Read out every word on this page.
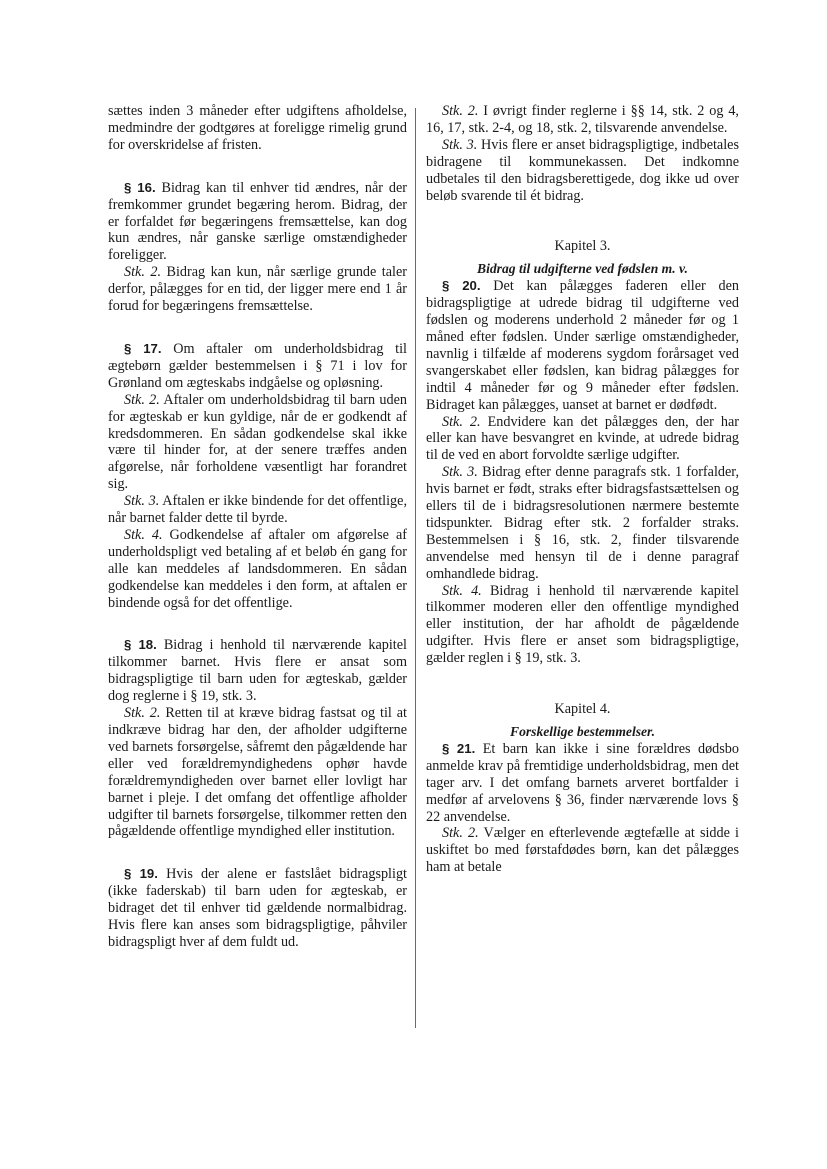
sættes inden 3 måneder efter udgiftens afholdelse, medmindre der godtgøres at foreligge rimelig grund for overskridelse af fristen.

§ 16. Bidrag kan til enhver tid ændres, når der fremkommer grundet begæring herom. Bidrag, der er forfaldet før begæringens fremsættelse, kan dog kun ændres, når ganske særlige omstændigheder foreligger.

Stk. 2. Bidrag kan kun, når særlige grunde taler derfor, pålægges for en tid, der ligger mere end 1 år forud for begæringens fremsættelse.

§ 17. Om aftaler om underholdsbidrag til ægtebørn gælder bestemmelsen i § 71 i lov for Grønland om ægteskabs indgåelse og opløsning.

Stk. 2. Aftaler om underholdsbidrag til barn uden for ægteskab er kun gyldige, når de er godkendt af kredsdommeren. En sådan godkendelse skal ikke være til hinder for, at der senere træffes anden afgørelse, når forholdene væsentligt har forandret sig.

Stk. 3. Aftalen er ikke bindende for det offentlige, når barnet falder dette til byrde.

Stk. 4. Godkendelse af aftaler om afgørelse af underholdspligt ved betaling af et beløb én gang for alle kan meddeles af landsdommeren. En sådan godkendelse kan meddeles i den form, at aftalen er bindende også for det offentlige.

§ 18. Bidrag i henhold til nærværende kapitel tilkommer barnet. Hvis flere er ansat som bidragspligtige til barn uden for ægteskab, gælder dog reglerne i § 19, stk. 3.

Stk. 2. Retten til at kræve bidrag fastsat og til at indkræve bidrag har den, der afholder udgifterne ved barnets forsørgelse, såfremt den pågældende har eller ved forældremyndighedens ophør havde forældremyndigheden over barnet eller lovligt har barnet i pleje. I det omfang det offentlige afholder udgifter til barnets forsørgelse, tilkommer retten den pågældende offentlige myndighed eller institution.

§ 19. Hvis der alene er fastslået bidragspligt (ikke faderskab) til barn uden for ægteskab, er bidraget det til enhver tid gældende normalbidrag. Hvis flere kan anses som bidragspligtige, påhviler bidragspligt hver af dem fuldt ud.

Stk. 2. I øvrigt finder reglerne i §§ 14, stk. 2 og 4, 16, 17, stk. 2-4, og 18, stk. 2, tilsvarende anvendelse.

Stk. 3. Hvis flere er anset bidragspligtige, indbetales bidragene til kommunekassen. Det indkomne udbetales til den bidragsberettigede, dog ikke ud over beløb svarende til ét bidrag.

Kapitel 3.

Bidrag til udgifterne ved fødslen m. v.

§ 20. Det kan pålægges faderen eller den bidragspligtige at udrede bidrag til udgifterne ved fødslen og moderens underhold 2 måneder før og 1 måned efter fødslen. Under særlige omstændigheder, navnlig i tilfælde af moderens sygdom forårsaget ved svangerskabet eller fødslen, kan bidrag pålægges for indtil 4 måneder før og 9 måneder efter fødslen. Bidraget kan pålægges, uanset at barnet er dødfødt.

Stk. 2. Endvidere kan det pålægges den, der har eller kan have besvangret en kvinde, at udrede bidrag til de ved en abort forvoldte særlige udgifter.

Stk. 3. Bidrag efter denne paragrafs stk. 1 forfalder, hvis barnet er født, straks efter bidragsfastsættelsen og ellers til de i bidragsresolutionen nærmere bestemte tidspunkter. Bidrag efter stk. 2 forfalder straks. Bestemmelsen i § 16, stk. 2, finder tilsvarende anvendelse med hensyn til de i denne paragraf omhandlede bidrag.

Stk. 4. Bidrag i henhold til nærværende kapitel tilkommer moderen eller den offentlige myndighed eller institution, der har afholdt de pågældende udgifter. Hvis flere er anset som bidragspligtige, gælder reglen i § 19, stk. 3.

Kapitel 4.

Forskellige bestemmelser.

§ 21. Et barn kan ikke i sine forældres dødsbo anmelde krav på fremtidige underholdsbidrag, men det tager arv. I det omfang barnets arveret bortfalder i medfør af arvelovens § 36, finder nærværende lovs § 22 anvendelse.

Stk. 2. Vælger en efterlevende ægtefælle at sidde i uskiftet bo med førstafdødes børn, kan det pålægges ham at betale
